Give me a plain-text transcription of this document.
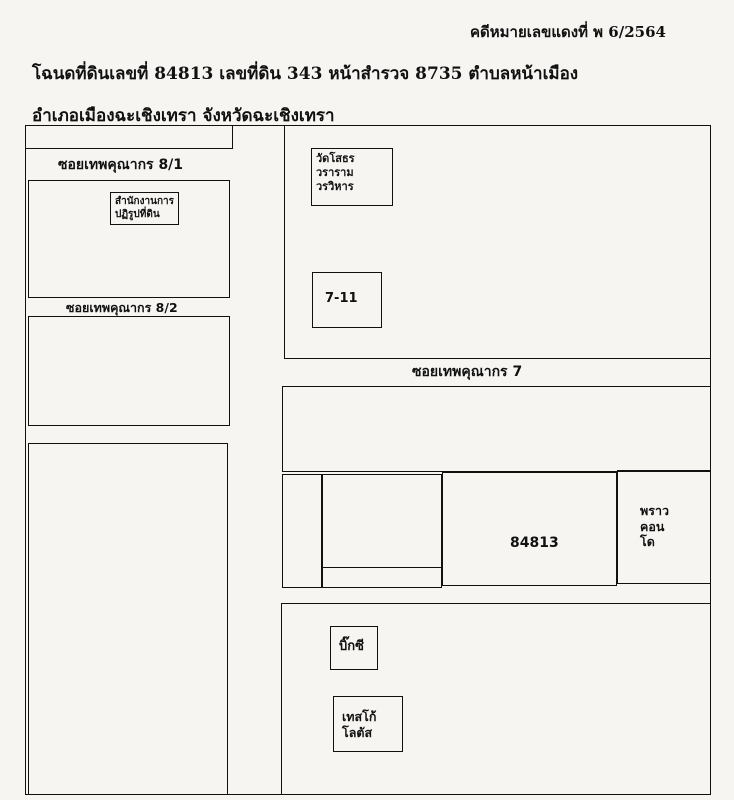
คดีหมายเลขแดงที่ พ 6/2564
โฉนดที่ดินเลขที่ 84813 เลขที่ดิน 343 หน้าสำรวจ 8735 ตำบลหน้าเมือง
อำเภอเมืองฉะเชิงเทรา จังหวัดฉะเชิงเทรา
ซอยเทพคุณากร 8/1
ซอยเทพคุณากร 8/2
ซอยเทพคุณากร 7
สำนักงานการ
ปฏิรูปที่ดิน
วัดโสธร
วราราม
วรวิหาร
7-11
บิ๊กซี
เทสโก้
โลตัส
84813
พราว
คอน
โด
